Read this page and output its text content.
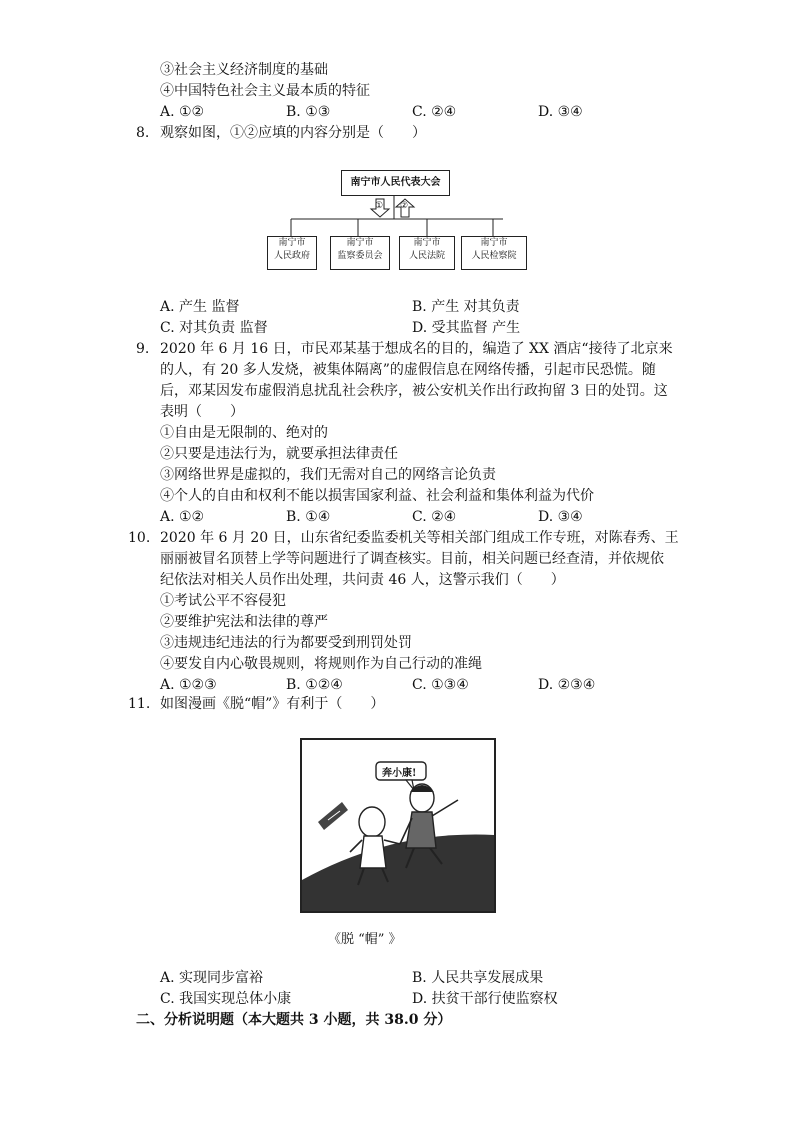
③社会主义经济制度的基础
④中国特色社会主义最本质的特征
A. ①②	B. ①③	C. ②④	D. ③④
8. 观察如图，①②应填的内容分别是（　　）
南宁市人民代表大会
① ②
南宁市
人民政府
南宁市
监察委员会
南宁市
人民法院
南宁市
人民检察院
A. 产生 监督	B. 产生 对其负责
C. 对其负责 监督	D. 受其监督 产生
9. 2020 年 6 月 16 日，市民邓某基于想成名的目的，编造了 XX 酒店“接待了北京来
的人，有 20 多人发烧，被集体隔离”的虚假信息在网络传播，引起市民恐慌。随
后，邓某因发布虚假消息扰乱社会秩序，被公安机关作出行政拘留 3 日的处罚。这
表明（　　）
①自由是无限制的、绝对的
②只要是违法行为，就要承担法律责任
③网络世界是虚拟的，我们无需对自己的网络言论负责
④个人的自由和权利不能以损害国家利益、社会利益和集体利益为代价
A. ①②	B. ①④	C. ②④	D. ③④
10. 2020 年 6 月 20 日，山东省纪委监委机关等相关部门组成工作专班，对陈春秀、王
丽丽被冒名顶替上学等问题进行了调查核实。目前，相关问题已经查清，并依规依
纪依法对相关人员作出处理，共问责 46 人，这警示我们（　　）
①考试公平不容侵犯
②要维护宪法和法律的尊严
③违规违纪违法的行为都要受到刑罚处罚
④要发自内心敬畏规则，将规则作为自己行动的准绳
A. ①②③	B. ①②④	C. ①③④	D. ②③④
11. 如图漫画《脱“帽”》有利于（　　）
奔小康!
《脱 “帽” 》
A. 实现同步富裕	B. 人民共享发展成果
C. 我国实现总体小康	D. 扶贫干部行使监察权
二、分析说明题（本大题共 3 小题，共 38.0 分）
